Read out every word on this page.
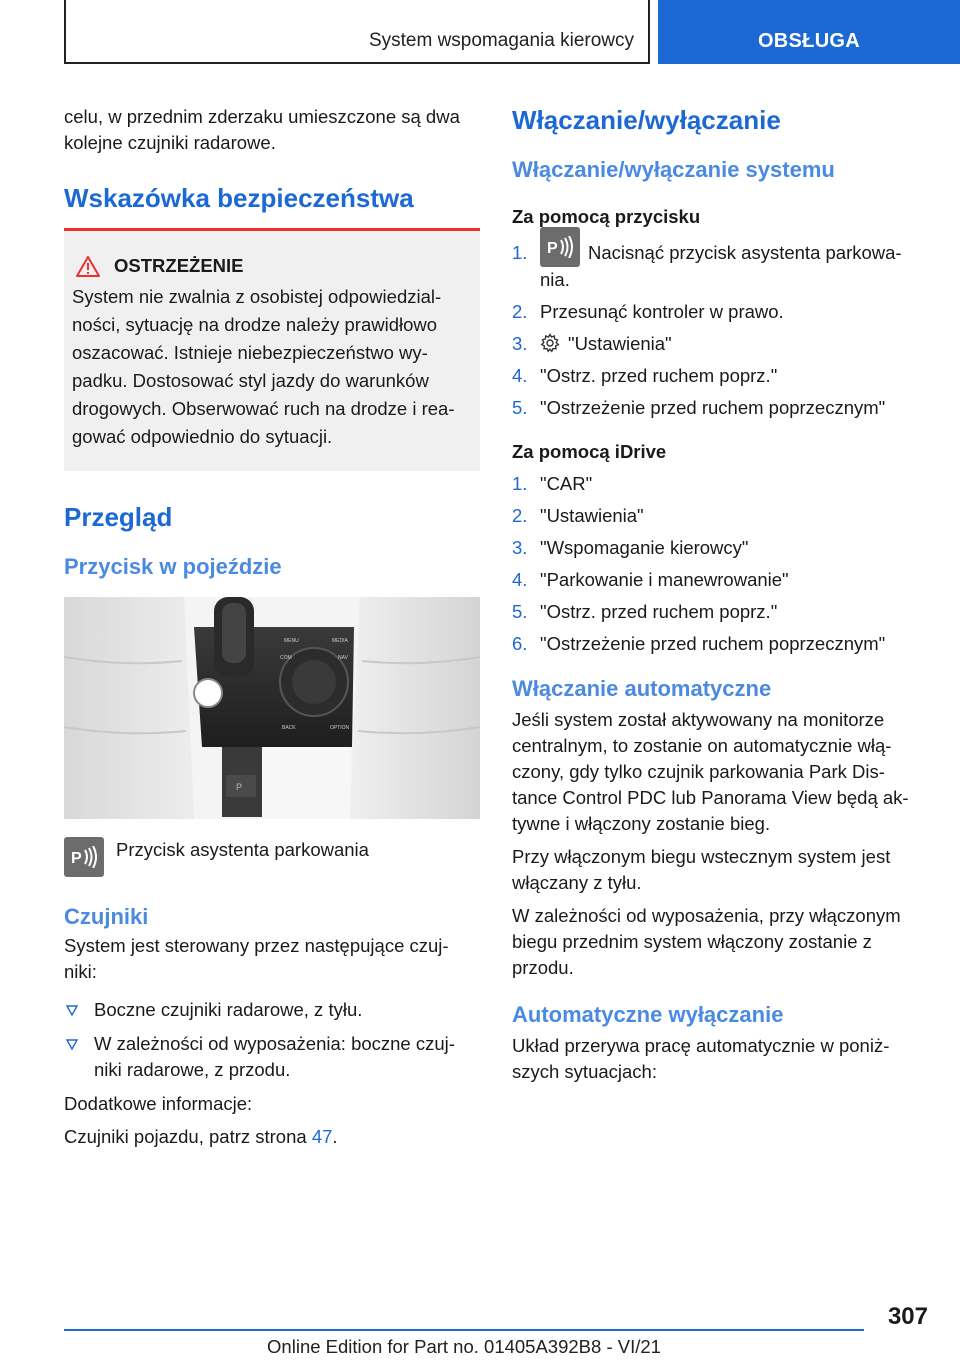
System wspomagania kierowcy	OBSŁUGA

celu, w przednim zderzaku umieszczone są dwa kolejne czujniki radarowe.

Wskazówka bezpieczeństwa
OSTRZEŻENIE

System nie zwalnia z osobistej odpowiedzial-ności, sytuację na drodze należy prawidłowo oszacować. Istnieje niebezpieczeństwo wy-padku. Dostosować styl jazdy do warunków drogowych. Obserwować ruch na drodze i rea-gować odpowiednio do sytuacji.

Przegląd
Przycisk w pojeździe
MENU	MEDIA
COM	NAV
BACK	OPTION
P
P Przycisk asystenta parkowania
Czujniki

System jest sterowany przez następujące czuj-niki:

Boczne czujniki radarowe, z tyłu.
W zależności od wyposażenia: boczne czuj-niki radarowe, z przodu.

Dodatkowe informacje:

Czujniki pojazdu, patrz strona 47.

Włączanie/wyłączanie
Włączanie/wyłączanie systemu
Za pomocą przycisku
1.	P Nacisnąć przycisk asystenta parkowa-nia.
2. Przesunąć kontroler w prawo.
3.	"Ustawienia"
4. "Ostrz. przed ruchem poprz."
5. "Ostrzeżenie przed ruchem poprzecznym"
Za pomocą iDrive
1. "CAR"
2. "Ustawienia"
3. "Wspomaganie kierowcy"
4. "Parkowanie i manewrowanie"
5. "Ostrz. przed ruchem poprz."
6. "Ostrzeżenie przed ruchem poprzecznym"
Włączanie automatyczne

Jeśli system został aktywowany na monitorze centralnym, to zostanie on automatycznie włą-czony, gdy tylko czujnik parkowania Park Dis-tance Control PDC lub Panorama View będą ak-tywne i włączony zostanie bieg.

Przy włączonym biegu wstecznym system jest włączany z tyłu.

W zależności od wyposażenia, przy włączonym biegu przednim system włączony zostanie z przodu.

Automatyczne wyłączanie

Układ przerywa pracę automatycznie w poniż-szych sytuacjach:

307
Online Edition for Part no. 01405A392B8 - VI/21
